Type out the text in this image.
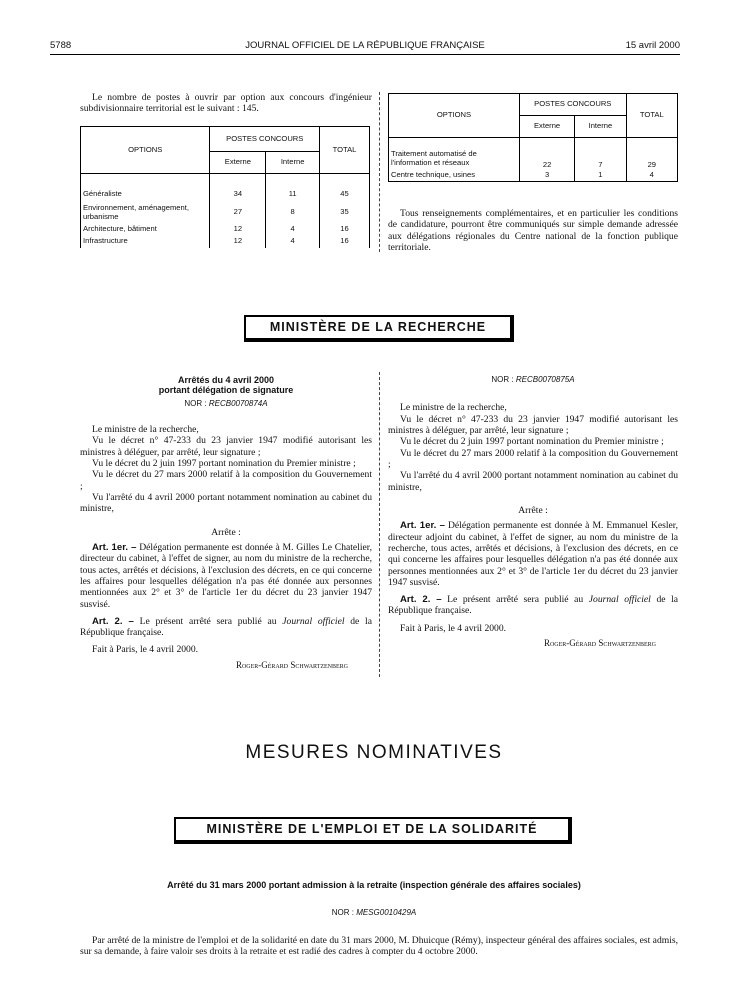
5788	JOURNAL OFFICIEL DE LA RÉPUBLIQUE FRANÇAISE	15 avril 2000

Le nombre de postes à ouvrir par option aux concours d'ingénieur subdivisionnaire territorial est le suivant : 145.

OPTIONS	POSTES CONCOURS		TOTAL
	Externe	Interne	

Généraliste	34	11	45
Environnement, aménagement, urbanisme	27	8	35
Architecture, bâtiment	12	4	16
Infrastructure	12	4	16
OPTIONS	POSTES CONCOURS		TOTAL
	Externe	Interne	

Traitement automatisé de l'information et réseaux	22	7	29
Centre technique, usines	3	1	4

Tous renseignements complémentaires, et en particulier les conditions de candidature, pourront être communiqués sur simple demande adressée aux délégations régionales du Centre national de la fonction publique territoriale.

MINISTÈRE DE LA RECHERCHE
Arrêtés du 4 avril 2000
portant délégation de signature
NOR : RECB0070874A

Le ministre de la recherche,

Vu le décret n° 47-233 du 23 janvier 1947 modifié autorisant les ministres à déléguer, par arrêté, leur signature ;

Vu le décret du 2 juin 1997 portant nomination du Premier ministre ;

Vu le décret du 27 mars 2000 relatif à la composition du Gouvernement ;

Vu l'arrêté du 4 avril 2000 portant notamment nomination au cabinet du ministre,

Arrête :

Art. 1er. – Délégation permanente est donnée à M. Gilles Le Chatelier, directeur du cabinet, à l'effet de signer, au nom du ministre de la recherche, tous actes, arrêtés et décisions, à l'exclusion des décrets, en ce qui concerne les affaires pour lesquelles délégation n'a pas été donnée aux personnes mentionnées aux 2° et 3° de l'article 1er du décret du 23 janvier 1947 susvisé.

Art. 2. – Le présent arrêté sera publié au Journal officiel de la République française.

Fait à Paris, le 4 avril 2000.

Roger-Gérard Schwartzenberg

NOR : RECB0070875A

Le ministre de la recherche,

Vu le décret n° 47-233 du 23 janvier 1947 modifié autorisant les ministres à déléguer, par arrêté, leur signature ;

Vu le décret du 2 juin 1997 portant nomination du Premier ministre ;

Vu le décret du 27 mars 2000 relatif à la composition du Gouvernement ;

Vu l'arrêté du 4 avril 2000 portant notamment nomination au cabinet du ministre,

Arrête :

Art. 1er. – Délégation permanente est donnée à M. Emmanuel Kesler, directeur adjoint du cabinet, à l'effet de signer, au nom du ministre de la recherche, tous actes, arrêtés et décisions, à l'exclusion des décrets, en ce qui concerne les affaires pour lesquelles délégation n'a pas été donnée aux personnes mentionnées aux 2° et 3° de l'article 1er du décret du 23 janvier 1947 susvisé.

Art. 2. – Le présent arrêté sera publié au Journal officiel de la République française.

Fait à Paris, le 4 avril 2000.

Roger-Gérard Schwartzenberg

MESURES NOMINATIVES
MINISTÈRE DE L'EMPLOI ET DE LA SOLIDARITÉ
Arrêté du 31 mars 2000 portant admission à la retraite (inspection générale des affaires sociales)
NOR : MESG0010429A

Par arrêté de la ministre de l'emploi et de la solidarité en date du 31 mars 2000, M. Dhuicque (Rémy), inspecteur général des affaires sociales, est admis, sur sa demande, à faire valoir ses droits à la retraite et est radié des cadres à compter du 4 octobre 2000.
